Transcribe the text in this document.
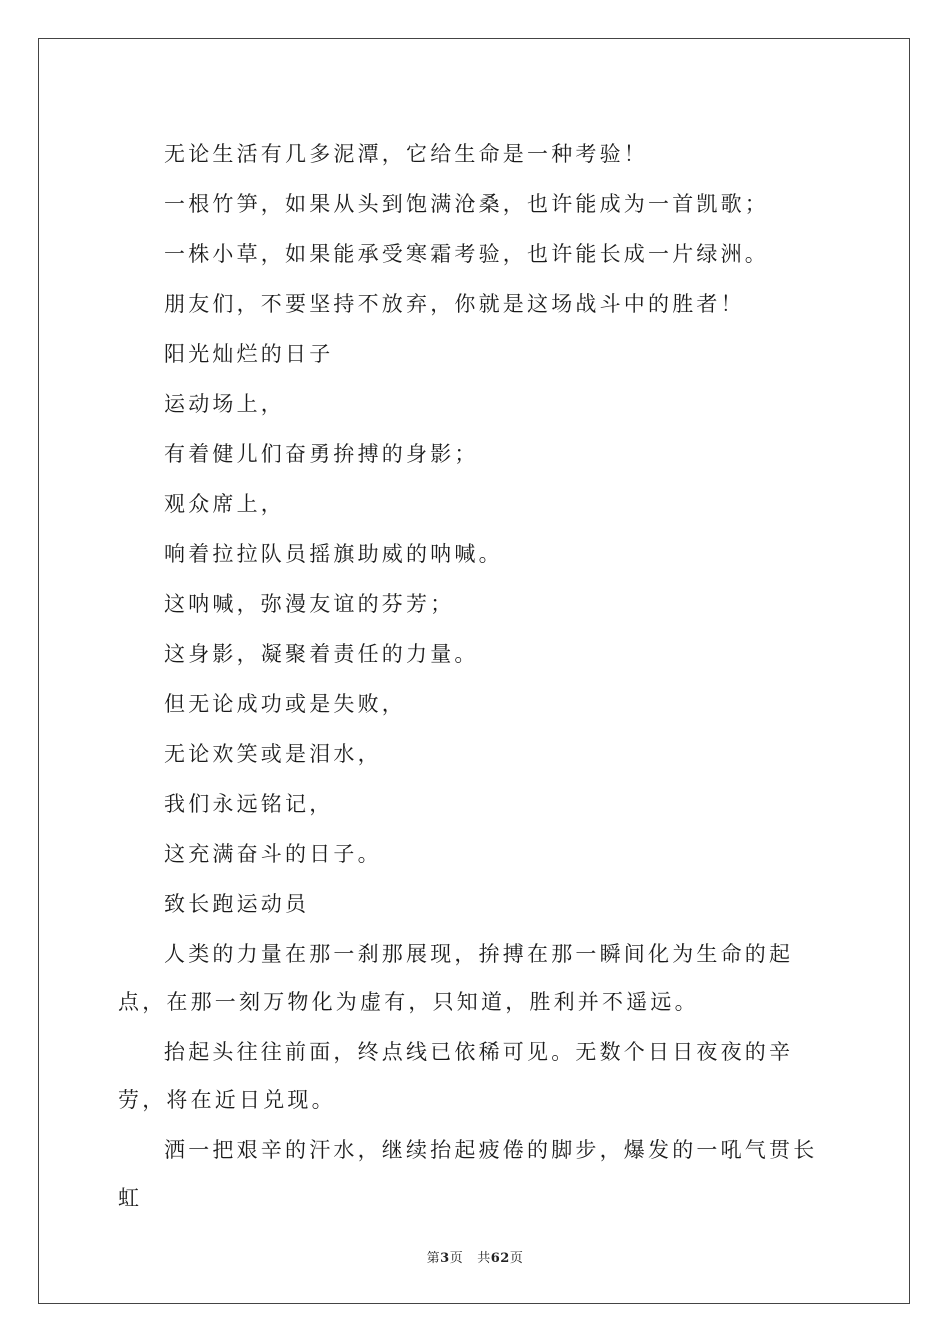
无论生活有几多泥潭，它给生命是一种考验！

一根竹笋，如果从头到饱满沧桑，也许能成为一首凯歌；

一株小草，如果能承受寒霜考验，也许能长成一片绿洲。

朋友们，不要坚持不放弃，你就是这场战斗中的胜者！

阳光灿烂的日子

运动场上，

有着健儿们奋勇拚搏的身影；

观众席上，

响着拉拉队员摇旗助威的呐喊。

这呐喊，弥漫友谊的芬芳；

这身影，凝聚着责任的力量。

但无论成功或是失败，

无论欢笑或是泪水，

我们永远铭记，

这充满奋斗的日子。

致长跑运动员

人类的力量在那一刹那展现，拚搏在那一瞬间化为生命的起点，在那一刻万物化为虚有，只知道，胜利并不遥远。

抬起头往往前面，终点线已依稀可见。无数个日日夜夜的辛劳，将在近日兑现。

洒一把艰辛的汗水，继续抬起疲倦的脚步，爆发的一吼气贯长虹

第3页 共62页
